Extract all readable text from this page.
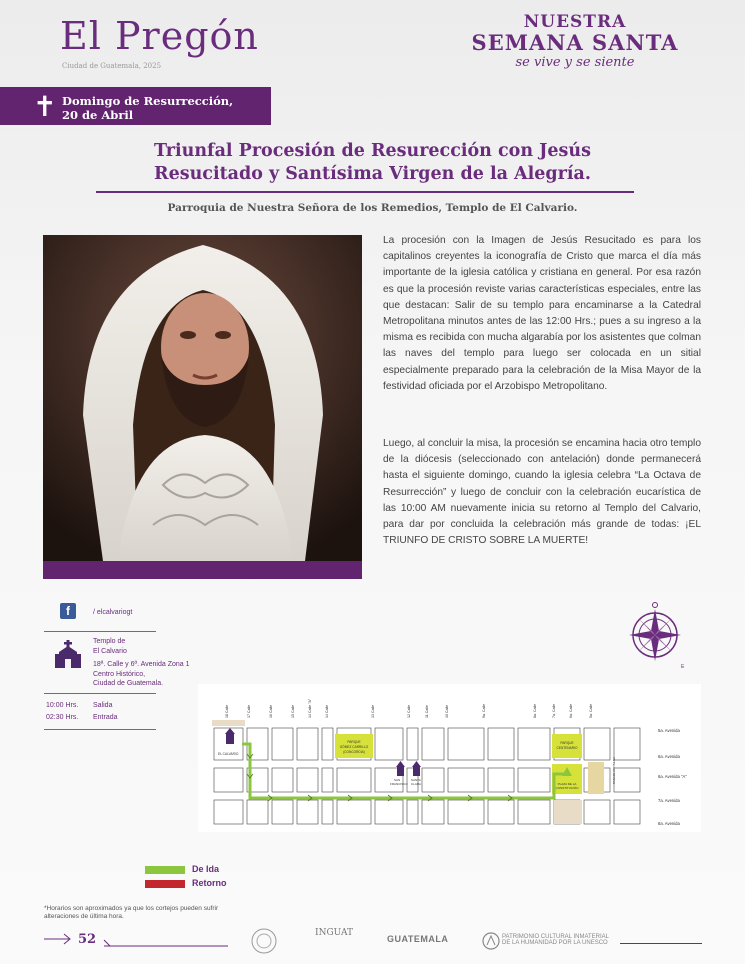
El Pregón
Ciudad de Guatemala, 2025
NUESTRA
SEMANA SANTA
se vive y se siente
✝ Domingo de Resurrección,
20 de Abril
Triunfal Procesión de Resurección con Jesús
Resucitado y Santísima Virgen de la Alegría.
Parroquia de Nuestra Señora de los Remedios, Templo de El Calvario.
La procesión con la Imagen de Jesús Resucitado es para los capitalinos creyentes la iconografía de Cristo que marca el día más importante de la iglesia católica y cristiana en general. Por esa razón es que la procesión reviste varias características especiales, entre las que destacan: Salir de su templo para encaminarse a la Catedral Metropolitana minutos antes de las 12:00 Hrs.; pues a su ingreso a la misma es recibida con mucha algarabía por los asistentes que colman las naves del templo para luego ser colocada en un sitial especialmente preparado para la celebración de la Misa Mayor de la festividad oficiada por el Arzobispo Metropolitano.
Luego, al concluir la misa, la procesión se encamina hacia otro templo de la diócesis (seleccionado con antelación) donde permanecerá hasta el siguiente domingo, cuando la iglesia celebra “La Octava de Resurrección” y luego de concluir con la celebración eucarística de las 10:00 AM nuevamente inicia su retorno al Templo del Calvario, para dar por concluida la celebración más grande de todas: ¡EL TRIUNFO DE CRISTO SOBRE LA MUERTE!
f	/ elcalvariogt
Templo de
El Calvario
18ª. Calle y 6ª. Avenida Zona 1
Centro Histórico,
Ciudad de Guatemala.
10:00 Hrs. Salida
02:30 Hrs. Entrada
E
18 Calle	17 Calle	16 Calle	15 Calle	14 Calle "A"	14 Calle	13 Calle	12 Calle	11 Calle	10 Calle	9a. Calle	8a. Calle	7a. Calle	6a. Calle	5a. Calle
5a. Avenida
6a. Avenida
6a. Avenida "A"
7a. Avenida
8a. Avenida
PARQUE
GÓMEZ CARRILLO
(CONCORDIA)
PARQUE
CENTENARIO
PLAZA DE LA
CONSTITUCIÓN
EL CALVARIO
SAN
FRANCISCO
SANTA
CLARA	PASAJE AYCINENA
De Ida
Retorno
*Horarios son aproximados ya que los cortejos pueden sufrir alteraciones de última hora.
52	INGUAT
GUATEMALA	PATRIMONIO CULTURAL INMATERIAL
DE LA HUMANIDAD POR LA UNESCO
